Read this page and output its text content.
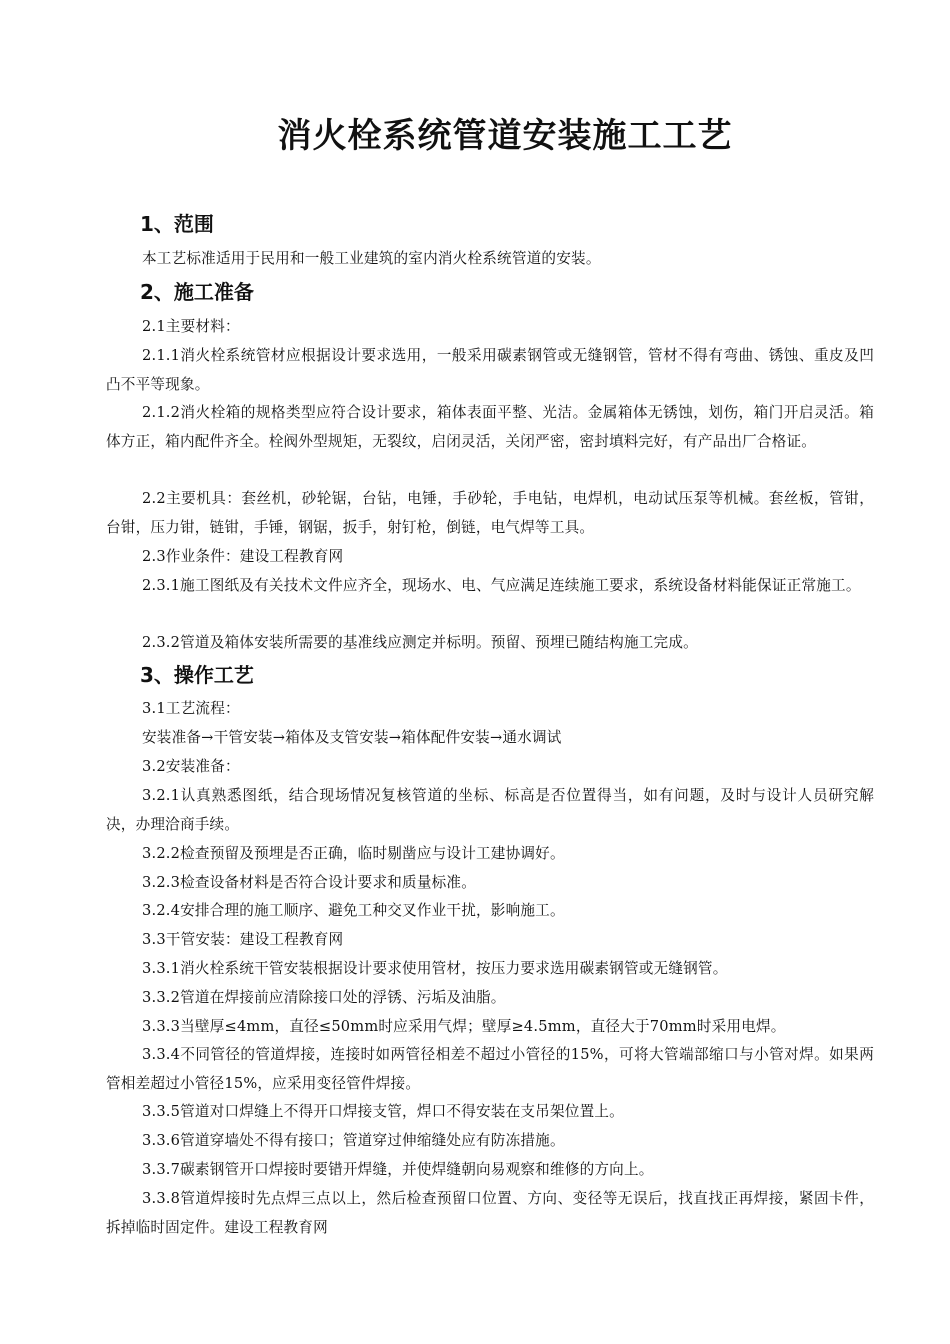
消火栓系统管道安装施工工艺
1、范围
本工艺标准适用于民用和一般工业建筑的室内消火栓系统管道的安装。
2、施工准备
2.1主要材料：
2.1.1消火栓系统管材应根据设计要求选用，一般采用碳素钢管或无缝钢管，管材不得有弯曲、锈蚀、重皮及凹凸不平等现象。
2.1.2消火栓箱的规格类型应符合设计要求，箱体表面平整、光洁。金属箱体无锈蚀，划伤，箱门开启灵活。箱体方正，箱内配件齐全。栓阀外型规矩，无裂纹，启闭灵活，关闭严密，密封填料完好，有产品出厂合格证。
2.2主要机具：套丝机，砂轮锯，台钻，电锤，手砂轮，手电钻，电焊机，电动试压泵等机械。套丝板，管钳，台钳，压力钳，链钳，手锤，钢锯，扳手，射钉枪，倒链，电气焊等工具。
2.3作业条件：建设工程教育网
2.3.1施工图纸及有关技术文件应齐全，现场水、电、气应满足连续施工要求，系统设备材料能保证正常施工。
2.3.2管道及箱体安装所需要的基准线应测定并标明。预留、预埋已随结构施工完成。
3、操作工艺
3.1工艺流程：
安装准备→干管安装→箱体及支管安装→箱体配件安装→通水调试
3.2安装准备：
3.2.1认真熟悉图纸，结合现场情况复核管道的坐标、标高是否位置得当，如有问题，及时与设计人员研究解决，办理洽商手续。
3.2.2检查预留及预埋是否正确，临时剔凿应与设计工建协调好。
3.2.3检查设备材料是否符合设计要求和质量标准。
3.2.4安排合理的施工顺序、避免工种交叉作业干扰，影响施工。
3.3干管安装：建设工程教育网
3.3.1消火栓系统干管安装根据设计要求使用管材，按压力要求选用碳素钢管或无缝钢管。
3.3.2管道在焊接前应清除接口处的浮锈、污垢及油脂。
3.3.3当壁厚≤4mm，直径≤50mm时应采用气焊；壁厚≥4.5mm，直径大于70mm时采用电焊。
3.3.4不同管径的管道焊接，连接时如两管径相差不超过小管径的15%，可将大管端部缩口与小管对焊。如果两管相差超过小管径15%，应采用变径管件焊接。
3.3.5管道对口焊缝上不得开口焊接支管，焊口不得安装在支吊架位置上。
3.3.6管道穿墙处不得有接口；管道穿过伸缩缝处应有防冻措施。
3.3.7碳素钢管开口焊接时要错开焊缝，并使焊缝朝向易观察和维修的方向上。
3.3.8管道焊接时先点焊三点以上，然后检查预留口位置、方向、变径等无误后，找直找正再焊接，紧固卡件，拆掉临时固定件。建设工程教育网
